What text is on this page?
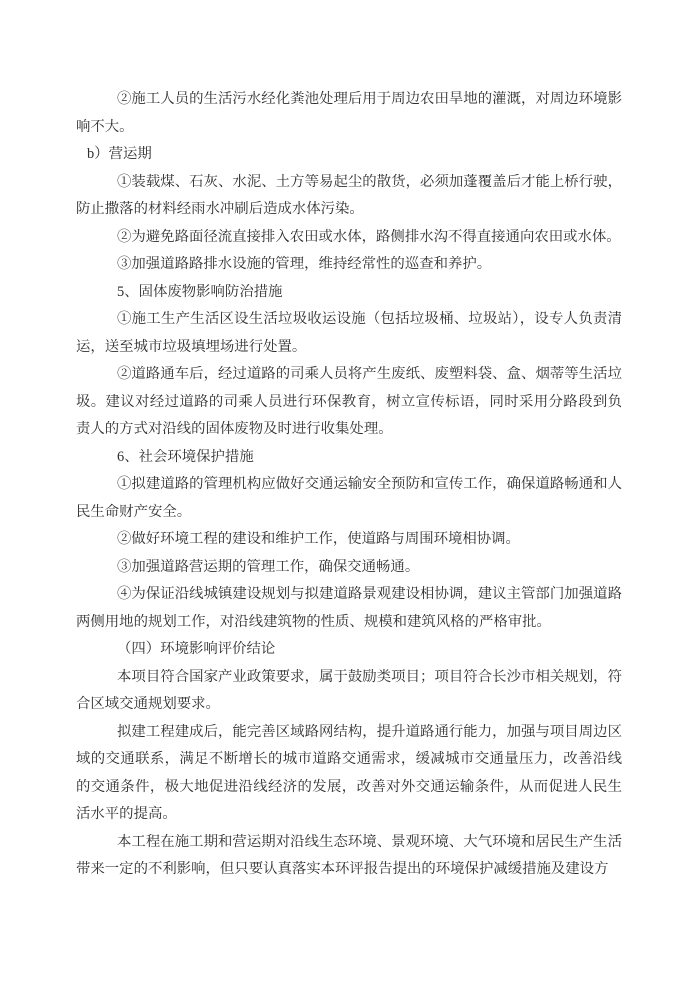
②施工人员的生活污水经化粪池处理后用于周边农田旱地的灌溉，对周边环境影响不大。

b）营运期

①装载煤、石灰、水泥、土方等易起尘的散货，必须加蓬覆盖后才能上桥行驶，防止撒落的材料经雨水冲刷后造成水体污染。

②为避免路面径流直接排入农田或水体，路侧排水沟不得直接通向农田或水体。

③加强道路路排水设施的管理，维持经常性的巡查和养护。

5、固体废物影响防治措施

①施工生产生活区设生活垃圾收运设施（包括垃圾桶、垃圾站），设专人负责清运，送至城市垃圾填埋场进行处置。

②道路通车后，经过道路的司乘人员将产生废纸、废塑料袋、盒、烟蒂等生活垃圾。建议对经过道路的司乘人员进行环保教育，树立宣传标语，同时采用分路段到负责人的方式对沿线的固体废物及时进行收集处理。

6、社会环境保护措施

①拟建道路的管理机构应做好交通运输安全预防和宣传工作，确保道路畅通和人民生命财产安全。

②做好环境工程的建设和维护工作，使道路与周围环境相协调。

③加强道路营运期的管理工作，确保交通畅通。

④为保证沿线城镇建设规划与拟建道路景观建设相协调，建议主管部门加强道路两侧用地的规划工作，对沿线建筑物的性质、规模和建筑风格的严格审批。

（四）环境影响评价结论

本项目符合国家产业政策要求，属于鼓励类项目；项目符合长沙市相关规划，符合区域交通规划要求。

拟建工程建成后，能完善区域路网结构，提升道路通行能力，加强与项目周边区域的交通联系，满足不断增长的城市道路交通需求，缓减城市交通量压力，改善沿线的交通条件，极大地促进沿线经济的发展，改善对外交通运输条件，从而促进人民生活水平的提高。

本工程在施工期和营运期对沿线生态环境、景观环境、大气环境和居民生产生活带来一定的不利影响，但只要认真落实本环评报告提出的环境保护减缓措施及建设方
